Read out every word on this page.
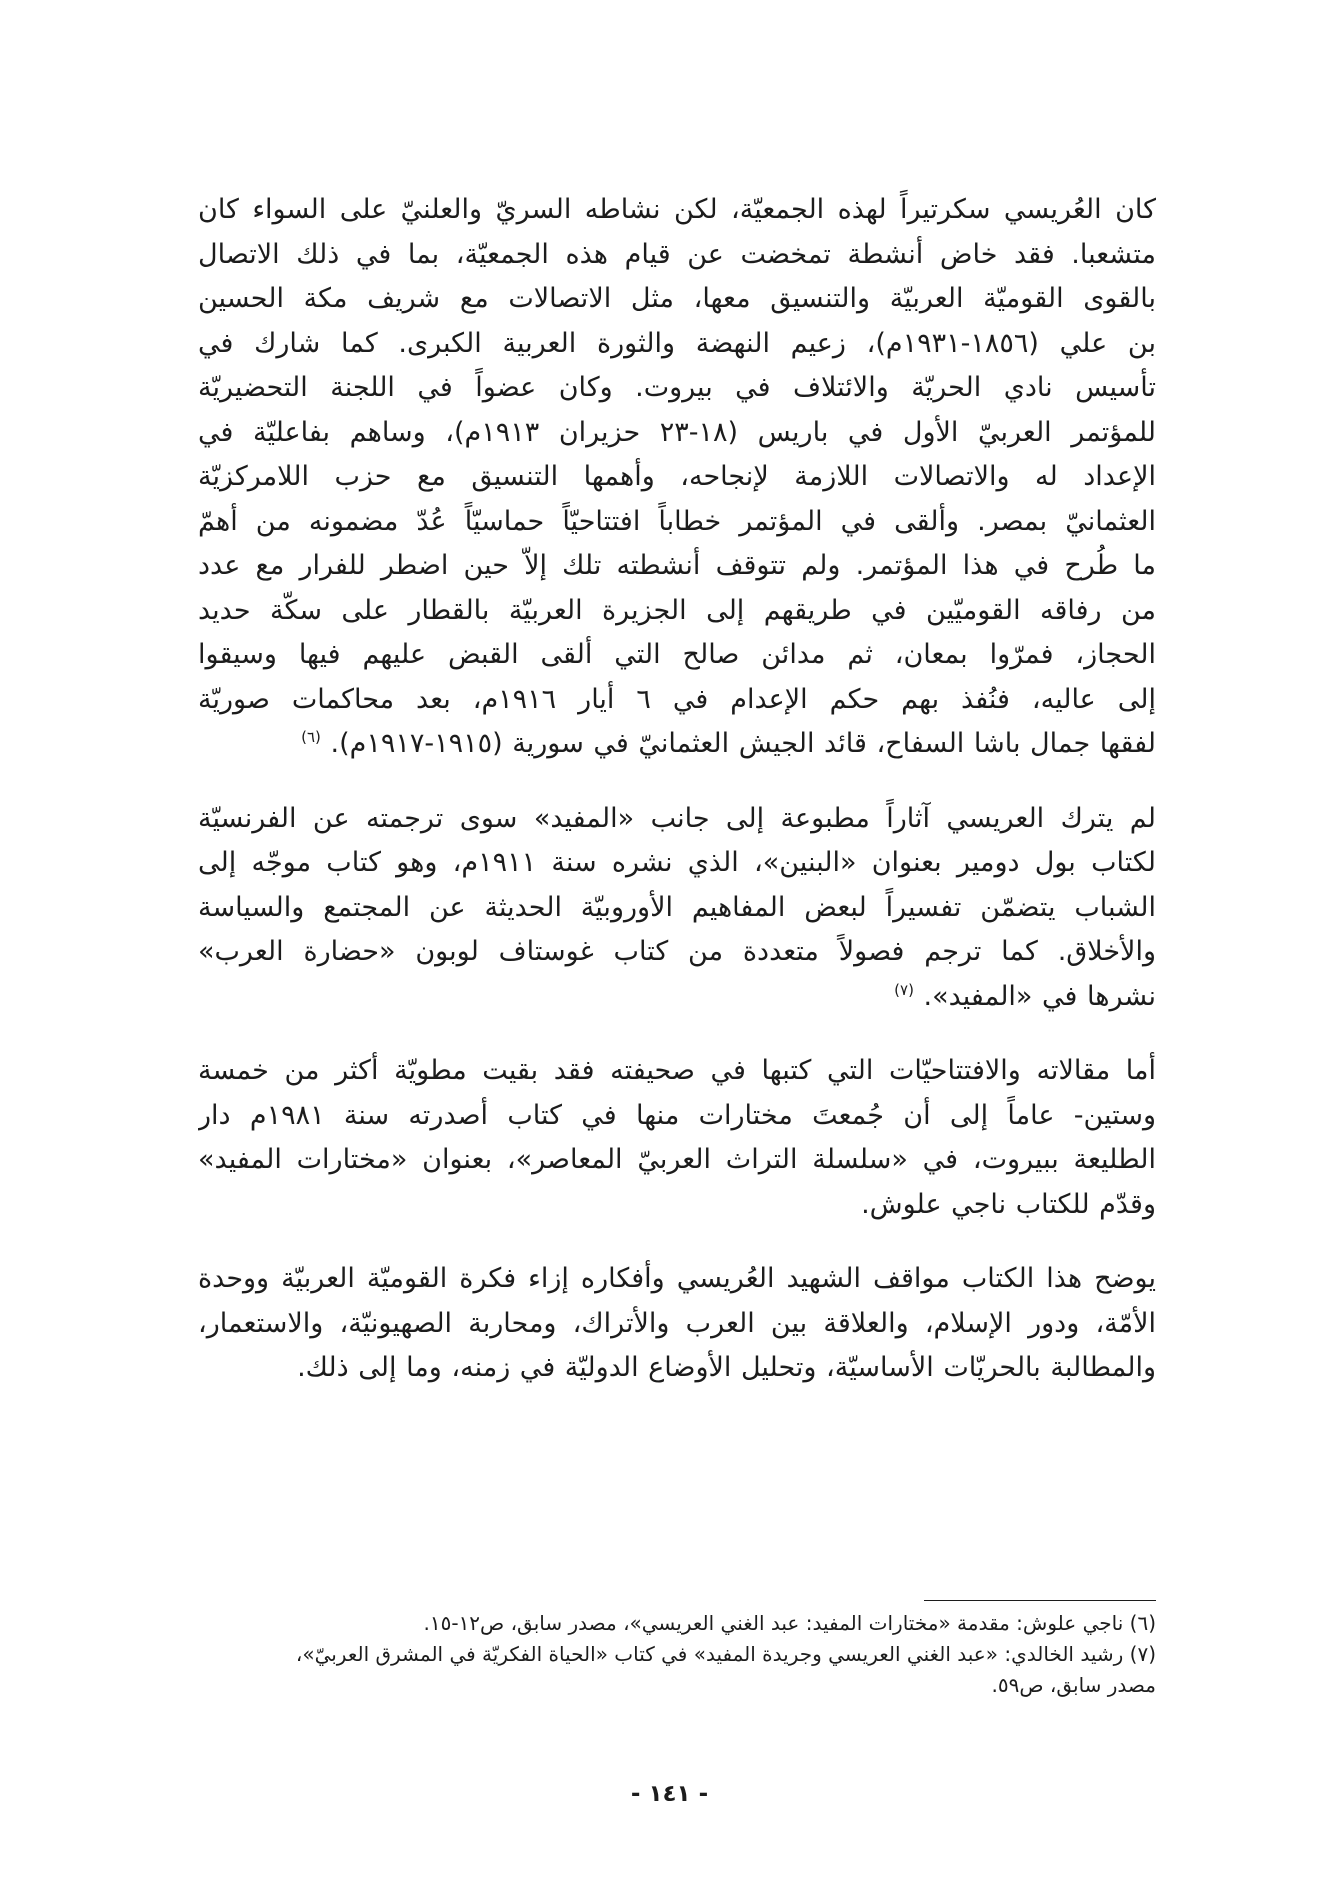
كان العُريسي سكرتيراً لهذه الجمعيّة، لكن نشاطه السريّ والعلنيّ على السواء كان
متشعبا. فقد خاض أنشطة تمخضت عن قيام هذه الجمعيّة، بما في ذلك الاتصال
بالقوى القوميّة العربيّة والتنسيق معها، مثل الاتصالات مع شريف مكة الحسين
بن علي (١٨٥٦-١٩٣١م)، زعيم النهضة والثورة العربية الكبرى. كما شارك في
تأسيس نادي الحريّة والائتلاف في بيروت. وكان عضواً في اللجنة التحضيريّة
للمؤتمر العربيّ الأول في باريس (١٨-٢٣ حزيران ١٩١٣م)، وساهم بفاعليّة في
الإعداد له والاتصالات اللازمة لإنجاحه، وأهمها التنسيق مع حزب اللامركزيّة
العثمانيّ بمصر. وألقى في المؤتمر خطاباً افتتاحيّاً حماسيّاً عُدّ مضمونه من أهمّ
ما طُرح في هذا المؤتمر. ولم تتوقف أنشطته تلك إلاّ حين اضطر للفرار مع عدد
من رفاقه القوميّين في طريقهم إلى الجزيرة العربيّة بالقطار على سكّة حديد
الحجاز، فمرّوا بمعان، ثم مدائن صالح التي ألقى القبض عليهم فيها وسيقوا
إلى عاليه، فنُفذ بهم حكم الإعدام في ٦ أيار ١٩١٦م، بعد محاكمات صوريّة
لفقها جمال باشا السفاح، قائد الجيش العثمانيّ في سورية (١٩١٥-١٩١٧م). $^{(٦)}$
لم يترك العريسي آثاراً مطبوعة إلى جانب «المفيد» سوى ترجمته عن الفرنسيّة
لكتاب بول دومير بعنوان «البنين»، الذي نشره سنة ١٩١١م، وهو كتاب موجّه إلى
الشباب يتضمّن تفسيراً لبعض المفاهيم الأوروبيّة الحديثة عن المجتمع والسياسة
والأخلاق. كما ترجم فصولاً متعددة من كتاب غوستاف لوبون «حضارة العرب»
نشرها في «المفيد». $^{(٧)}$
أما مقالاته والافتتاحيّات التي كتبها في صحيفته فقد بقيت مطويّة أكثر من خمسة
وستين- عاماً إلى أن جُمعتَ مختارات منها في كتاب أصدرته سنة ١٩٨١م دار
الطليعة ببيروت، في «سلسلة التراث العربيّ المعاصر»، بعنوان «مختارات المفيد»
وقدّم للكتاب ناجي علوش.
يوضح هذا الكتاب مواقف الشهيد العُريسي وأفكاره إزاء فكرة القوميّة العربيّة ووحدة
الأمّة، ودور الإسلام، والعلاقة بين العرب والأتراك، ومحاربة الصهيونيّة، والاستعمار،
والمطالبة بالحريّات الأساسيّة، وتحليل الأوضاع الدوليّة في زمنه، وما إلى ذلك.

(٦) ناجي علوش: مقدمة «مختارات المفيد: عبد الغني العريسي»، مصدر سابق، ص١٢-١٥.

(٧) رشيد الخالدي: «عبد الغني العريسي وجريدة المفيد» في كتاب «الحياة الفكريّة في المشرق العربيّ»،

مصدر سابق، ص٥٩.

- ١٤١ -
